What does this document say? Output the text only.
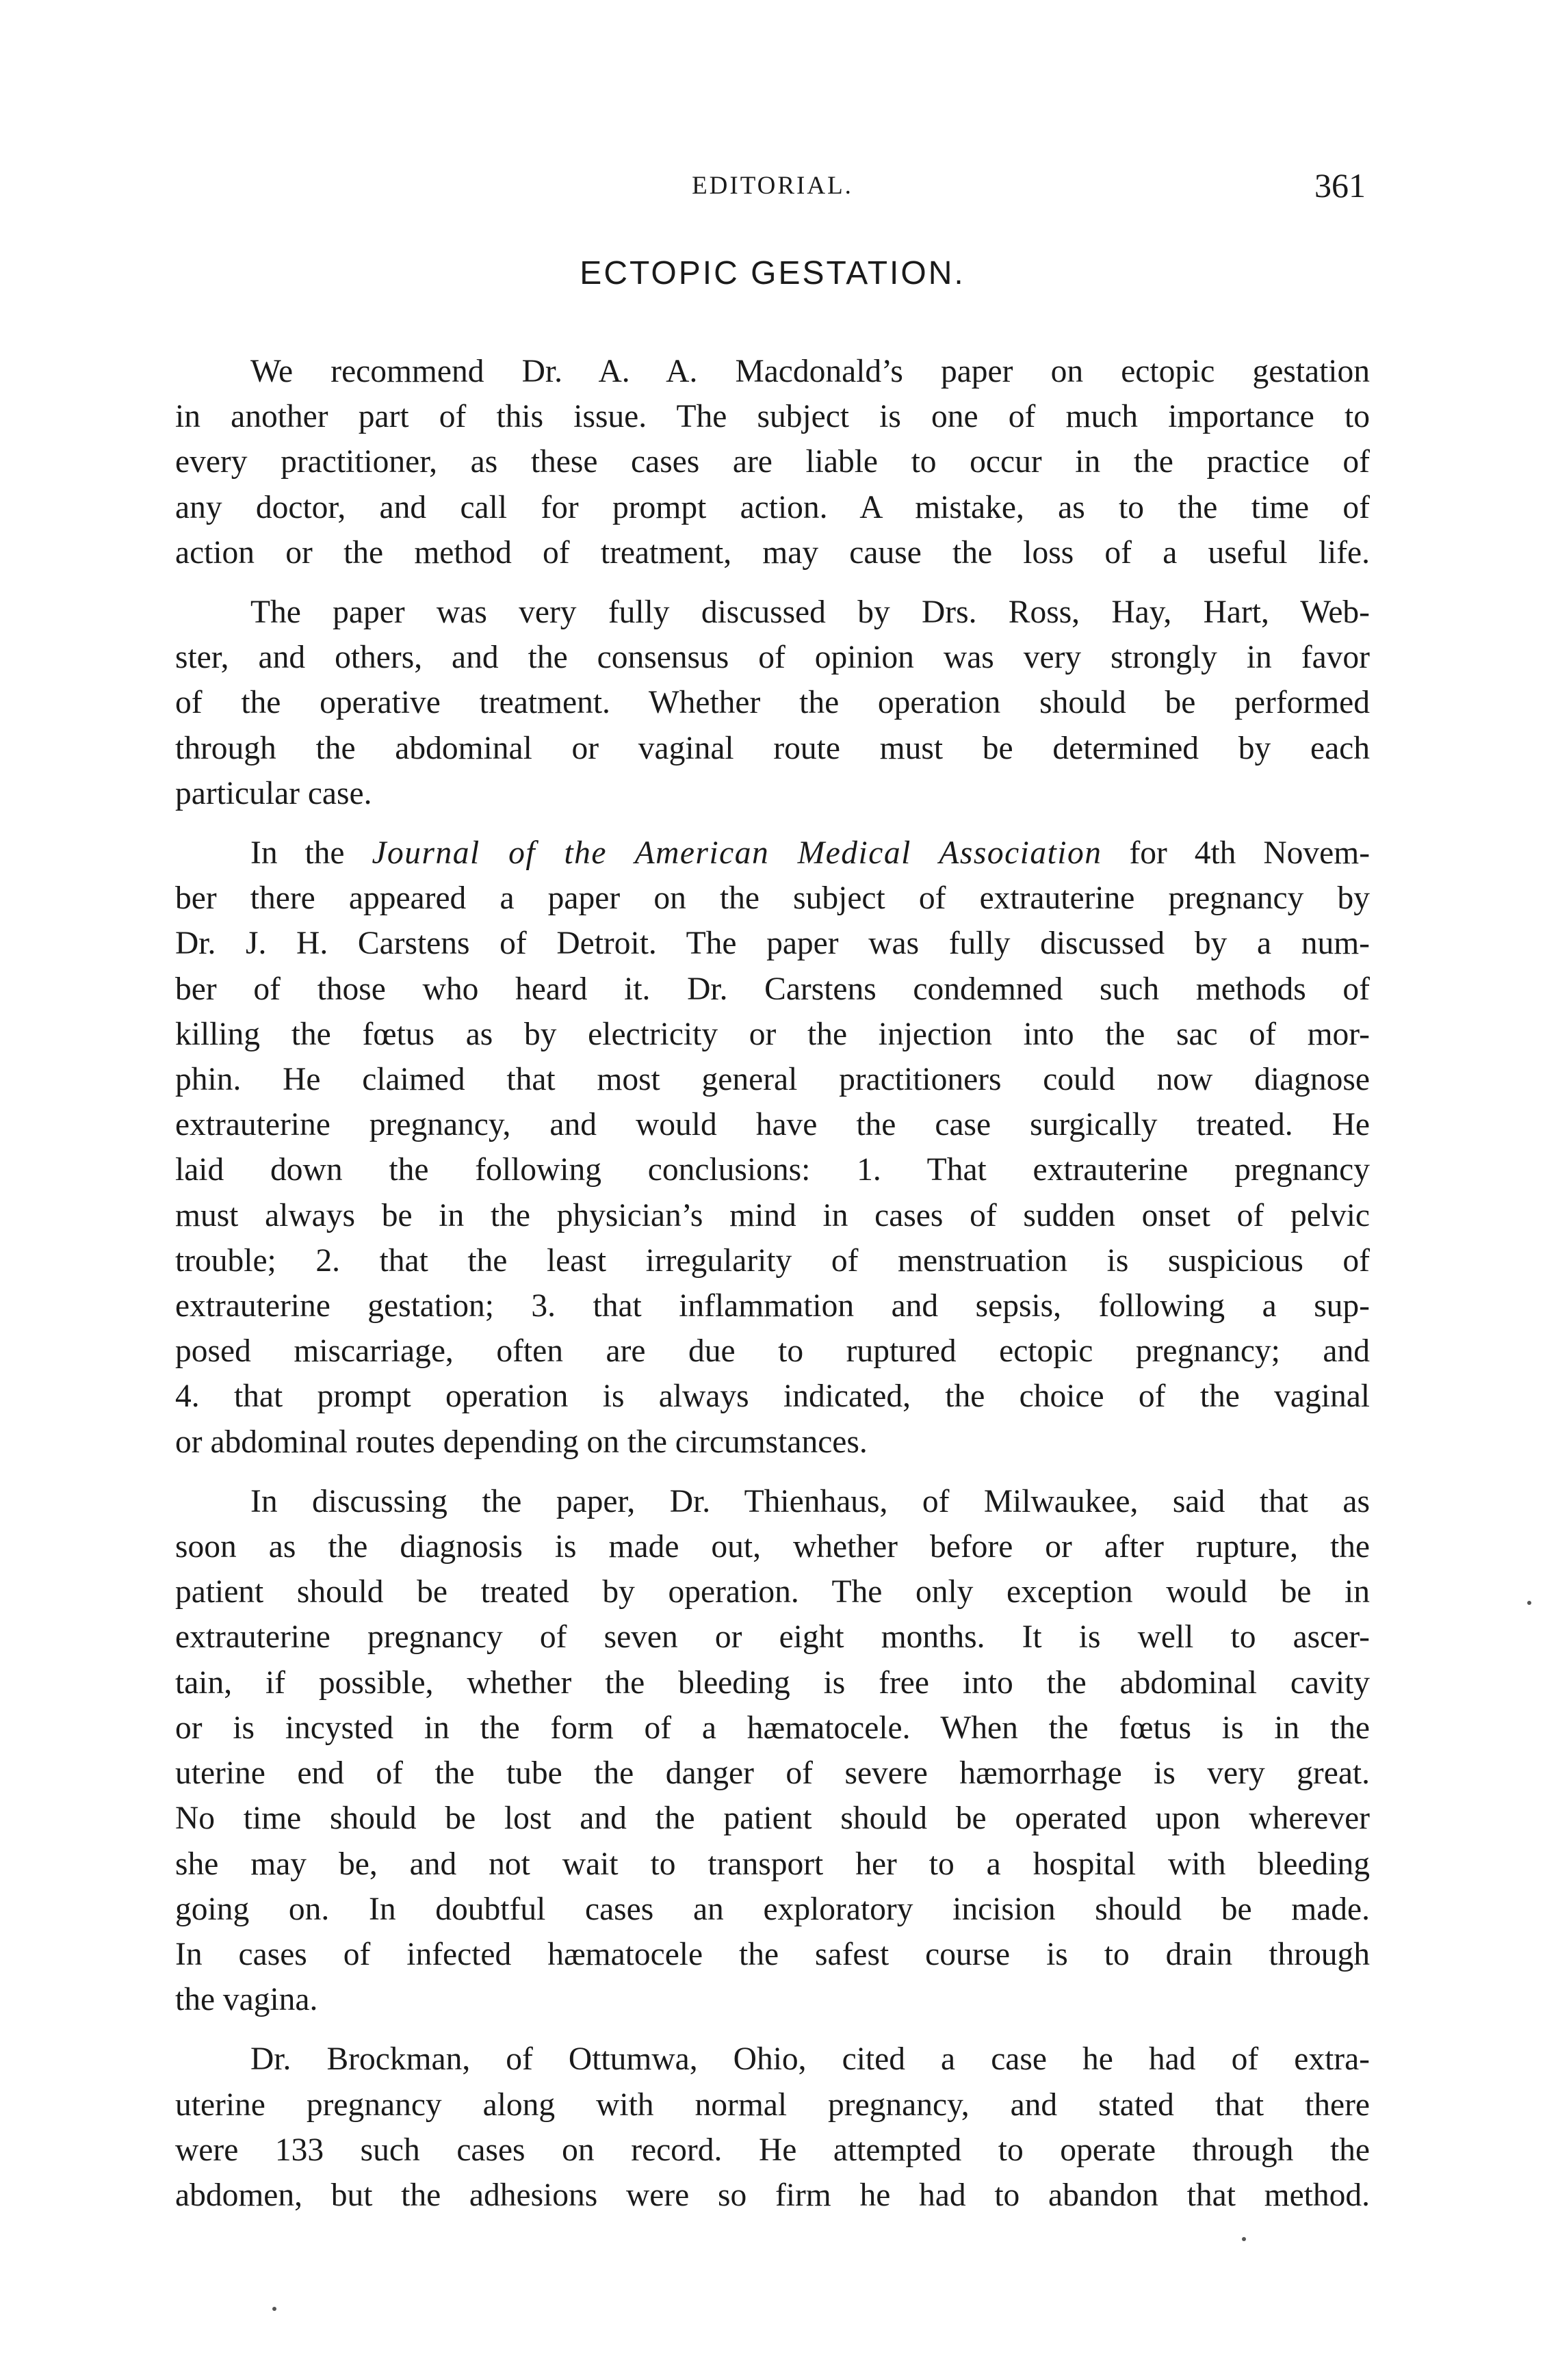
EDITORIAL.	361
ECTOPIC GESTATION.
We recommend Dr. A. A. Macdonald’s paper on ectopic gestation
in another part of this issue. The subject is one of much importance to
every practitioner, as these cases are liable to occur in the practice of
any doctor, and call for prompt action. A mistake, as to the time of
action or the method of treatment, may cause the loss of a useful life.
The paper was very fully discussed by Drs. Ross, Hay, Hart, Web-
ster, and others, and the consensus of opinion was very strongly in favor
of the operative treatment. Whether the operation should be performed
through the abdominal or vaginal route must be determined by each
particular case.
In the Journal of the American Medical Association for 4th Novem-
ber there appeared a paper on the subject of extrauterine pregnancy by
Dr. J. H. Carstens of Detroit. The paper was fully discussed by a num-
ber of those who heard it. Dr. Carstens condemned such methods of
killing the fœtus as by electricity or the injection into the sac of mor-
phin. He claimed that most general practitioners could now diagnose
extrauterine pregnancy, and would have the case surgically treated. He
laid down the following conclusions: 1. That extrauterine pregnancy
must always be in the physician’s mind in cases of sudden onset of pelvic
trouble; 2. that the least irregularity of menstruation is suspicious of
extrauterine gestation; 3. that inflammation and sepsis, following a sup-
posed miscarriage, often are due to ruptured ectopic pregnancy; and
4. that prompt operation is always indicated, the choice of the vaginal
or abdominal routes depending on the circumstances.
In discussing the paper, Dr. Thienhaus, of Milwaukee, said that as
soon as the diagnosis is made out, whether before or after rupture, the
patient should be treated by operation. The only exception would be in
extrauterine pregnancy of seven or eight months. It is well to ascer-
tain, if possible, whether the bleeding is free into the abdominal cavity
or is incysted in the form of a hæmatocele. When the fœtus is in the
uterine end of the tube the danger of severe hæmorrhage is very great.
No time should be lost and the patient should be operated upon wherever
she may be, and not wait to transport her to a hospital with bleeding
going on. In doubtful cases an exploratory incision should be made.
In cases of infected hæmatocele the safest course is to drain through
the vagina.
Dr. Brockman, of Ottumwa, Ohio, cited a case he had of extra-
uterine pregnancy along with normal pregnancy, and stated that there
were 133 such cases on record. He attempted to operate through the
abdomen, but the adhesions were so firm he had to abandon that method.
